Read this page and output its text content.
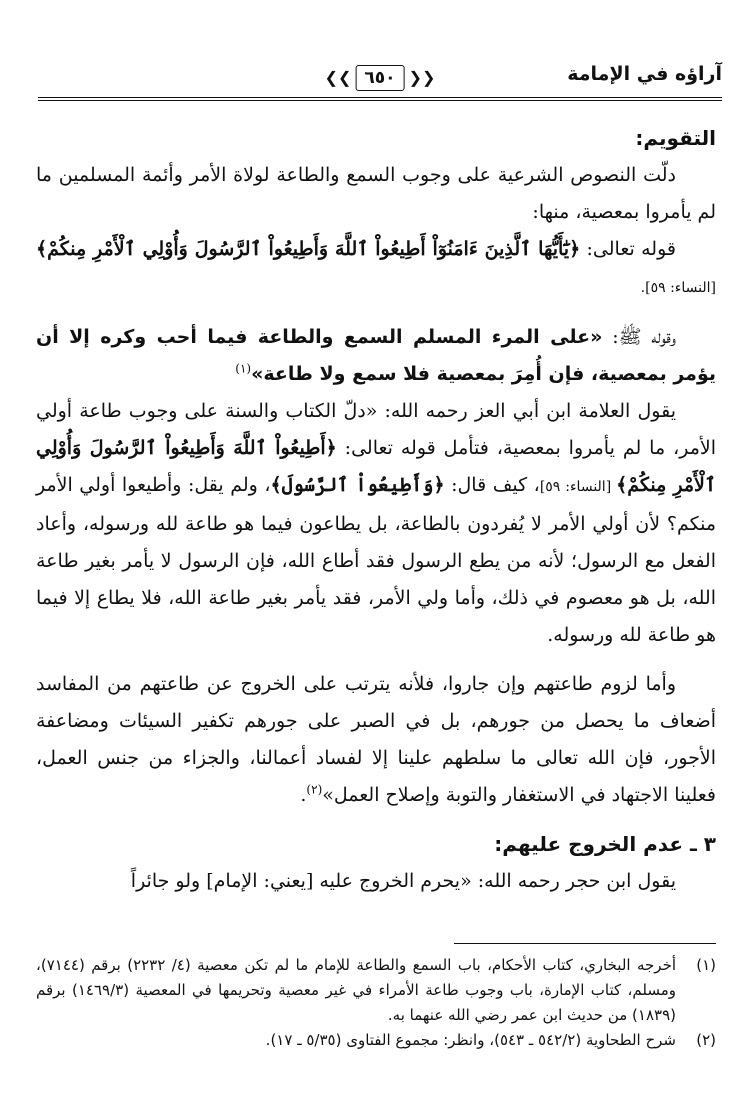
آراؤه في الإمامة
❮❮ ٦٥٠ ❯❯

التقويم:

دلّت النصوص الشرعية على وجوب السمع والطاعة لولاة الأمر وأئمة المسلمين ما لم يأمروا بمعصية، منها:

قوله تعالى: ﴿يَٰٓأَيُّهَا ٱلَّذِينَ ءَامَنُوٓاْ أَطِيعُواْ ٱللَّهَ وَأَطِيعُواْ ٱلرَّسُولَ وَأُوْلِي ٱلْأَمْرِ مِنكُمْ﴾ [النساء: ٥٩].

وقوله ﷺ: «على المرء المسلم السمع والطاعة فيما أحب وكره إلا أن يؤمر بمعصية، فإن أُمِرَ بمعصية فلا سمع ولا طاعة»$^{(١)}$

يقول العلامة ابن أبي العز رحمه الله: «دلّ الكتاب والسنة على وجوب طاعة أولي الأمر، ما لم يأمروا بمعصية، فتأمل قوله تعالى: ﴿أَطِيعُواْ ٱللَّهَ وَأَطِيعُواْ ٱلرَّسُولَ وَأُوْلِي ٱلْأَمْرِ مِنكُمْ﴾ [النساء: ٥٩]، كيف قال: ﴿وَأَطِيعُواْ ٱلرَّسُولَ﴾، ولم يقل: وأطيعوا أولي الأمر منكم؟ لأن أولي الأمر لا يُفردون بالطاعة، بل يطاعون فيما هو طاعة لله ورسوله، وأعاد الفعل مع الرسول؛ لأنه من يطع الرسول فقد أطاع الله، فإن الرسول لا يأمر بغير طاعة الله، بل هو معصوم في ذلك، وأما ولي الأمر، فقد يأمر بغير طاعة الله، فلا يطاع إلا فيما هو طاعة لله ورسوله.

وأما لزوم طاعتهم وإن جاروا، فلأنه يترتب على الخروج عن طاعتهم من المفاسد أضعاف ما يحصل من جورهم، بل في الصبر على جورهم تكفير السيئات ومضاعفة الأجور، فإن الله تعالى ما سلطهم علينا إلا لفساد أعمالنا، والجزاء من جنس العمل، فعلينا الاجتهاد في الاستغفار والتوبة وإصلاح العمل»$^{(٢)}$.

٣ ـ عدم الخروج عليهم:

يقول ابن حجر رحمه الله: «يحرم الخروج عليه [يعني: الإمام] ولو جائراً

(١)
أخرجه البخاري، كتاب الأحكام، باب السمع والطاعة للإمام ما لم تكن معصية (٤/ ٢٢٣٢) برقم (٧١٤٤)، ومسلم، كتاب الإمارة، باب وجوب طاعة الأمراء في غير معصية وتحريمها في المعصية (١٤٦٩/٣) برقم (١٨٣٩) من حديث ابن عمر رضي الله عنهما به.
(٢)
شرح الطحاوية (٥٤٢/٢ ـ ٥٤٣)، وانظر: مجموع الفتاوى (٥/٣٥ ـ ١٧).
